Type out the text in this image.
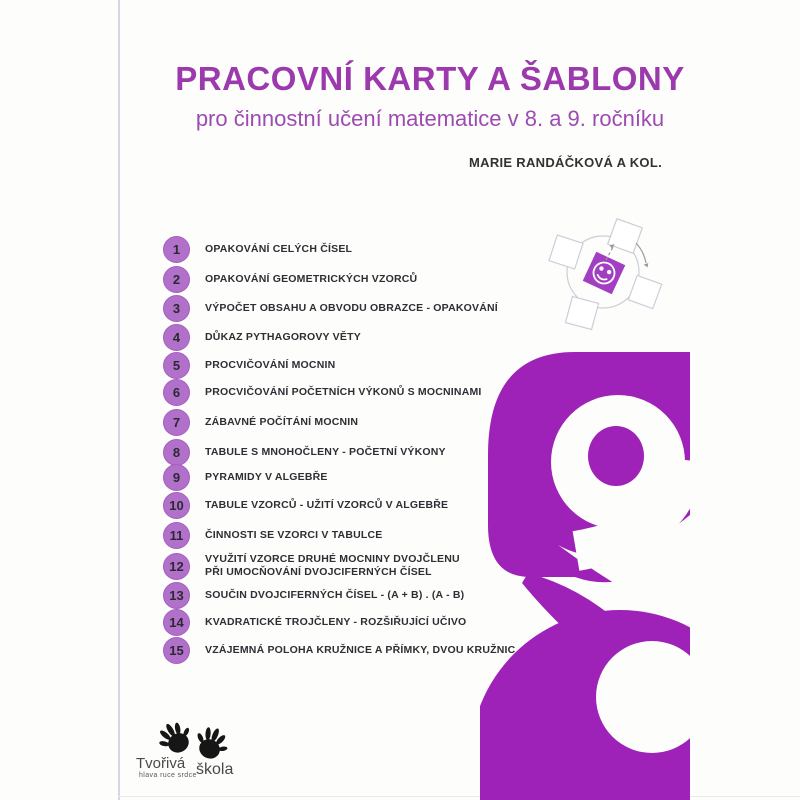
PRACOVNÍ KARTY A ŠABLONY
pro činnostní učení matematice v 8. a 9. ročníku
MARIE RANDÁČKOVÁ A KOL.
1	OPAKOVÁNÍ CELÝCH ČÍSEL
2	OPAKOVÁNÍ GEOMETRICKÝCH VZORCŮ
3	VÝPOČET OBSAHU A OBVODU OBRAZCE - OPAKOVÁNÍ
4	DŮKAZ PYTHAGOROVY VĚTY
5	PROCVIČOVÁNÍ MOCNIN
6	PROCVIČOVÁNÍ POČETNÍCH VÝKONŮ S MOCNINAMI
7	ZÁBAVNÉ POČÍTÁNÍ MOCNIN
8	TABULE S MNOHOČLENY - POČETNÍ VÝKONY
9	PYRAMIDY V ALGEBŘE
10	TABULE VZORCŮ - UŽITÍ VZORCŮ V ALGEBŘE
11	ČINNOSTI SE VZORCI V TABULCE
12	VYUŽITÍ VZORCE DRUHÉ MOCNINY DVOJČLENU
PŘI UMOCŇOVÁNÍ DVOJCIFERNÝCH ČÍSEL
13	SOUČIN DVOJCIFERNÝCH ČÍSEL - (A + B) . (A - B)
14	KVADRATICKÉ TROJČLENY - ROZŠIŘUJÍCÍ UČIVO
15	VZÁJEMNÁ POLOHA KRUŽNICE A PŘÍMKY, DVOU KRUŽNIC
Tvořivá
hlava ruce srdce škola
